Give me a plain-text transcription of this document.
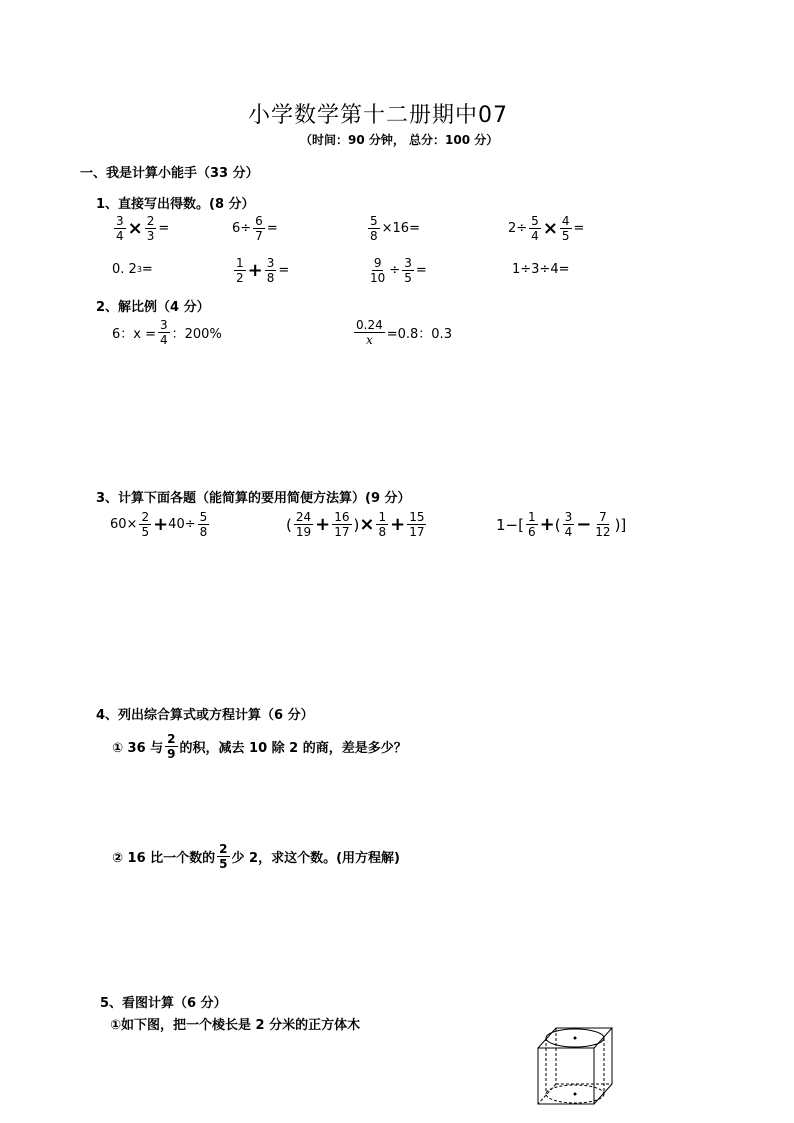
小学数学第十二册期中07
（时间：90 分钟， 总分：100 分）
一、我是计算小能手（33 分）
1、直接写出得数。(8 分）
$\frac{3}{4} \times \frac{2}{3}$ =	$6\div \frac{6}{7}$ =	$\frac{5}{8} \times 16=$	$2\div \frac{5}{4} \times \frac{4}{5}$ =
0. 2 3 =	$\frac{1}{2} + \frac{3}{8}$ =	$\frac{9}{10} \div \frac{3}{5}$ =	1÷3÷4=
2、解比例（4 分）
6：$x = \frac{3}{4}$ ：200%	$\frac{0.24}{x} =0.8$：0.3
3、计算下面各题（能简算的要用简便方法算）(9 分）
$60\times \frac{2}{5} + 40\div \frac{5}{8}$	( $\frac{24}{19} + \frac{16}{17}$ ) × $\frac{1}{8} + \frac{15}{17}$	$1-[ \frac{1}{6}$ + ( $\frac{3}{4} - \frac{7}{12}$ )]
4、列出综合算式或方程计算（6 分）
① 36 与 $\frac{2}{9}$ 的积，减去 10 除 2 的商，差是多少？
② 16 比一个数的 $\frac{2}{5}$ 少 2，求这个数。(用方程解)
5、看图计算（6 分）
①如下图，把一个棱长是 2 分米的正方体木
